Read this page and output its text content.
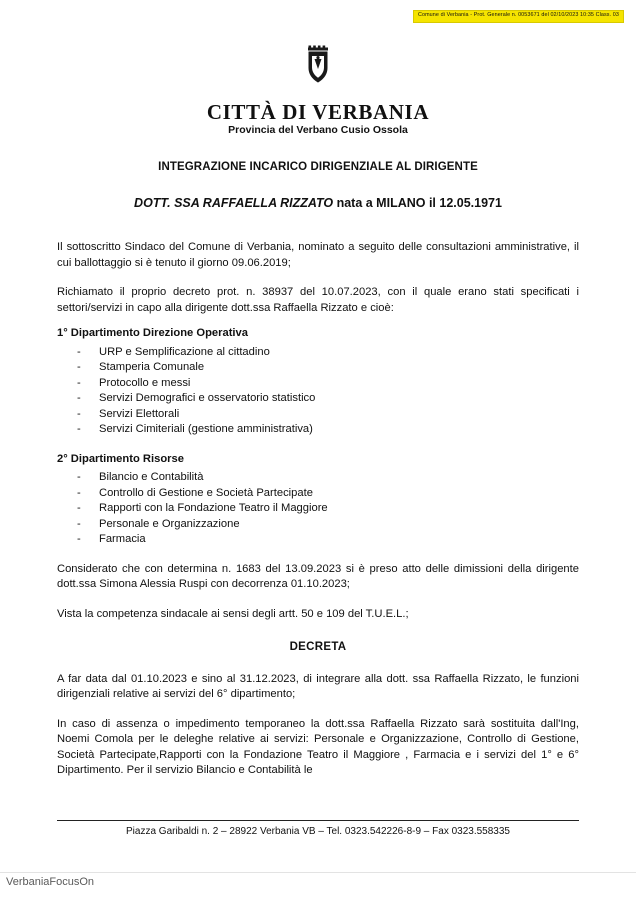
Comune di Verbania - Prot. Generale n. 0053671 del 02/10/2023 10:35 Class. 03
CITTÀ DI VERBANIA
Provincia del Verbano Cusio Ossola
INTEGRAZIONE INCARICO DIRIGENZIALE AL DIRIGENTE
DOTT. SSA RAFFAELLA RIZZATO nata a MILANO il 12.05.1971

Il sottoscritto Sindaco del Comune di Verbania, nominato a seguito delle consultazioni amministrative, il cui ballottaggio si è tenuto il giorno 09.06.2019;

Richiamato il proprio decreto prot. n. 38937 del 10.07.2023, con il quale erano stati specificati i settori/servizi in capo alla dirigente dott.ssa Raffaella Rizzato e cioè:

1° Dipartimento Direzione Operativa

- URP e Semplificazione al cittadino
- Stamperia Comunale
- Protocollo e messi
- Servizi Demografici e osservatorio statistico
- Servizi Elettorali
- Servizi Cimiteriali (gestione amministrativa)

2° Dipartimento Risorse

- Bilancio e Contabilità
- Controllo di Gestione e Società Partecipate
- Rapporti con la Fondazione Teatro il Maggiore
- Personale e Organizzazione
- Farmacia

Considerato che con determina n. 1683 del 13.09.2023 si è preso atto delle dimissioni della dirigente dott.ssa Simona Alessia Ruspi con decorrenza 01.10.2023;

Vista la competenza sindacale ai sensi degli artt. 50 e 109 del T.U.E.L.;

DECRETA

A far data dal 01.10.2023 e sino al 31.12.2023, di integrare alla dott. ssa Raffaella Rizzato, le funzioni dirigenziali relative ai servizi del 6° dipartimento;

In caso di assenza o impedimento temporaneo la dott.ssa Raffaella Rizzato sarà sostituita dall'Ing, Noemi Comola per le deleghe relative ai servizi: Personale e Organizzazione, Controllo di Gestione, Società Partecipate,Rapporti con la Fondazione Teatro il Maggiore , Farmacia e i servizi del 1° e 6° Dipartimento. Per il servizio Bilancio e Contabilità le

Piazza Garibaldi n. 2 – 28922 Verbania VB – Tel. 0323.542226-8-9 – Fax 0323.558335
VerbaniaFocusOn
